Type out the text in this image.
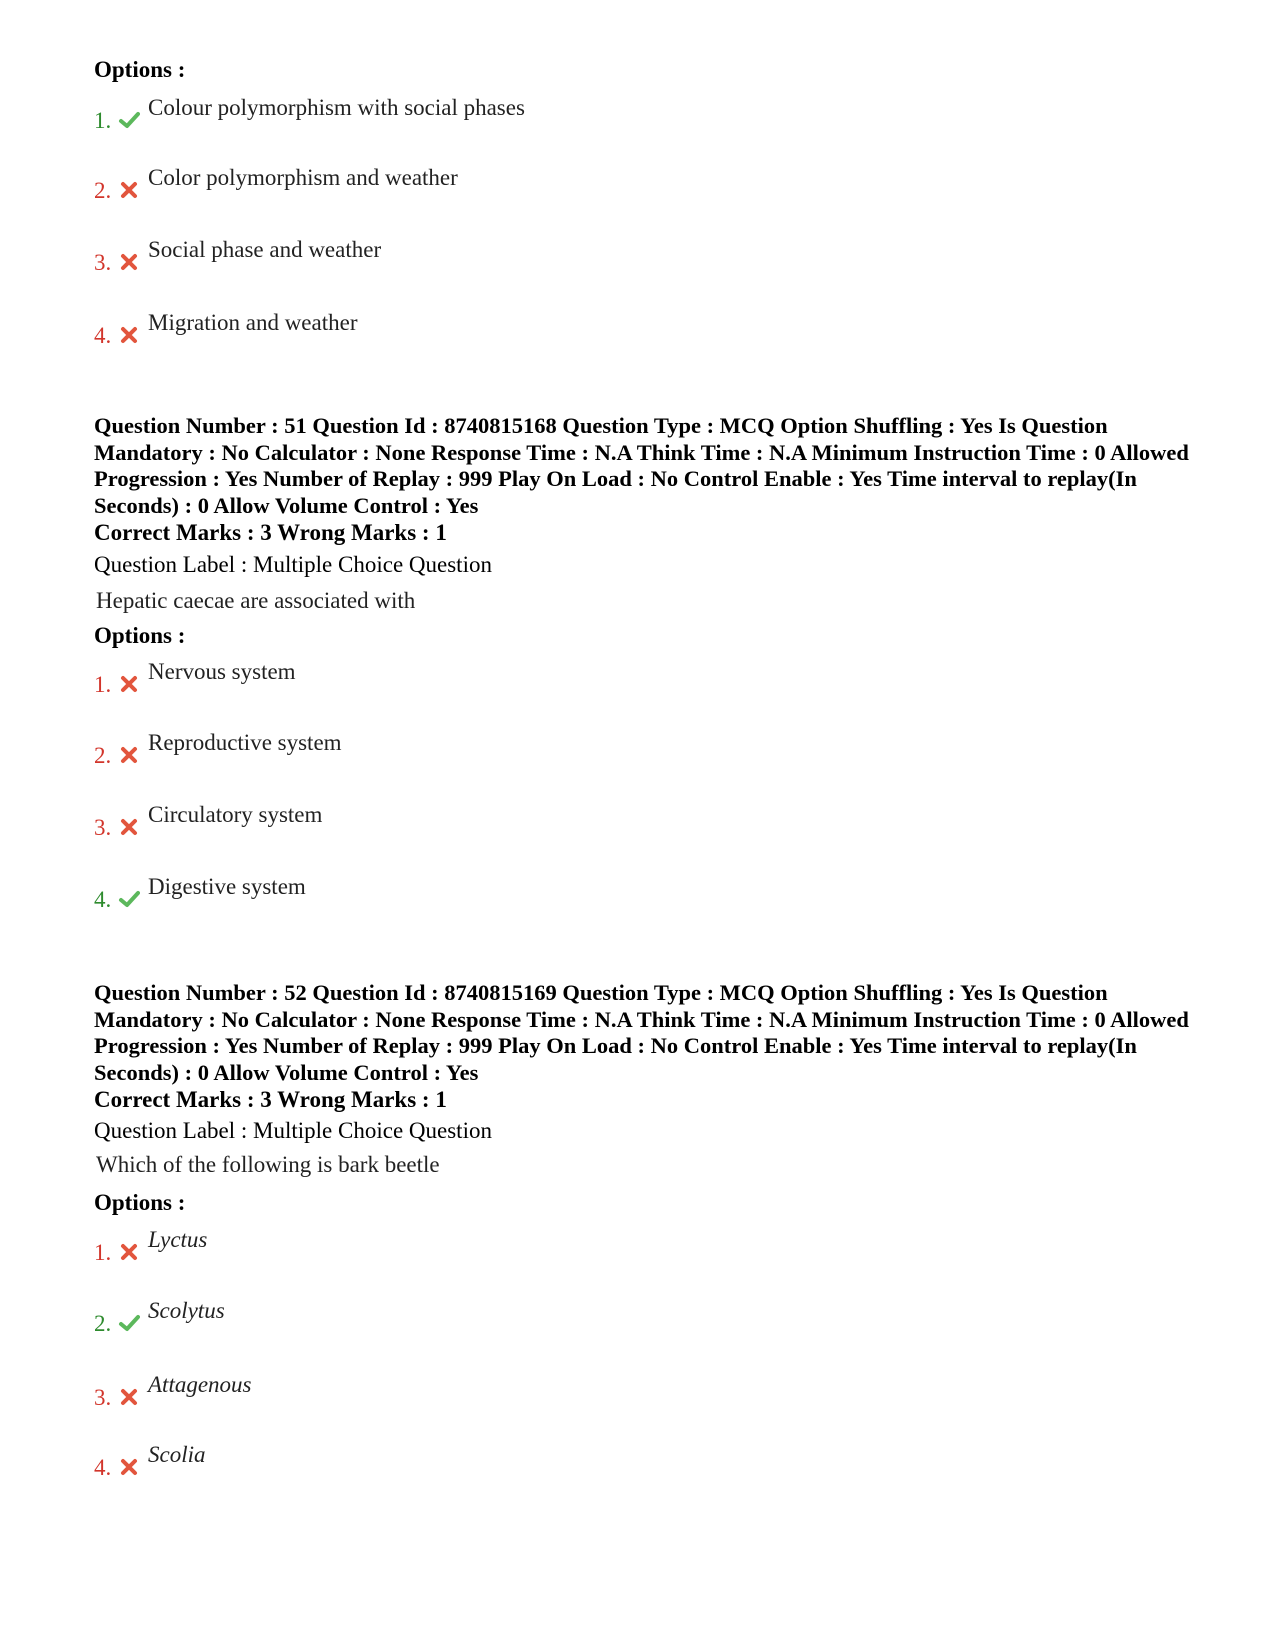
Options :
1.
Colour polymorphism with social phases
2.
Color polymorphism and weather
3.
Social phase and weather
4.
Migration and weather
Question Number : 51 Question Id : 8740815168 Question Type : MCQ Option Shuffling : Yes Is Question Mandatory : No Calculator : None Response Time : N.A Think Time : N.A Minimum Instruction Time : 0 Allowed Progression : Yes Number of Replay : 999 Play On Load : No Control Enable : Yes Time interval to replay(In Seconds) : 0 Allow Volume Control : Yes
Correct Marks : 3 Wrong Marks : 1
Question Label : Multiple Choice Question
Hepatic caecae are associated with
Options :
1.
Nervous system
2.
Reproductive system
3.
Circulatory system
4.
Digestive system
Question Number : 52 Question Id : 8740815169 Question Type : MCQ Option Shuffling : Yes Is Question Mandatory : No Calculator : None Response Time : N.A Think Time : N.A Minimum Instruction Time : 0 Allowed Progression : Yes Number of Replay : 999 Play On Load : No Control Enable : Yes Time interval to replay(In Seconds) : 0 Allow Volume Control : Yes
Correct Marks : 3 Wrong Marks : 1
Question Label : Multiple Choice Question
Which of the following is bark beetle
Options :
1.
Lyctus
2.
Scolytus
3.
Attagenous
4.
Scolia
